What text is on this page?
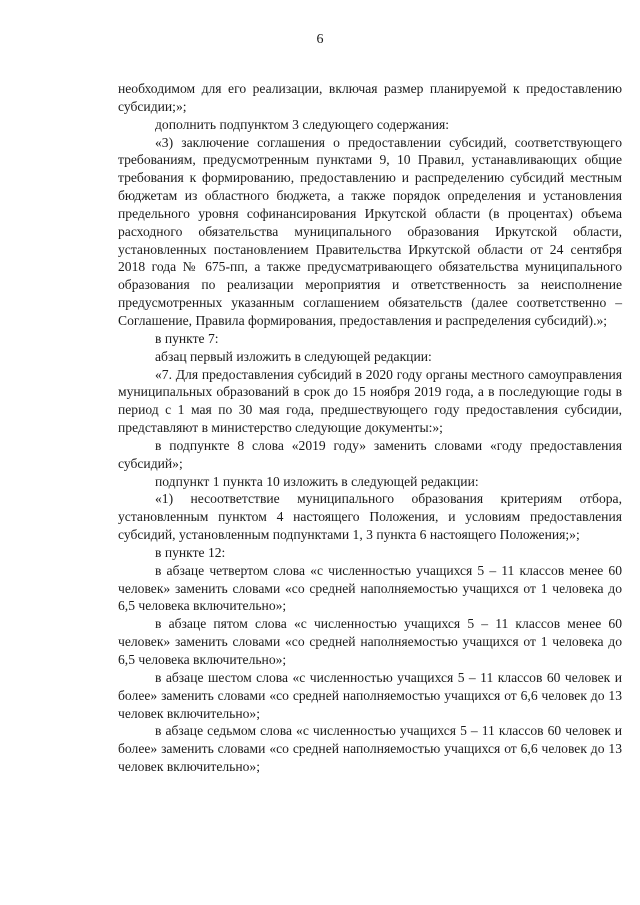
6

необходимом для его реализации, включая размер планируемой к предоставлению субсидии;»;

дополнить подпунктом 3 следующего содержания:

«3) заключение соглашения о предоставлении субсидий, соответствующего требованиям, предусмотренным пунктами 9, 10 Правил, устанавливающих общие требования к формированию, предоставлению и распределению субсидий местным бюджетам из областного бюджета, а также порядок определения и установления предельного уровня софинансирования Иркутской области (в процентах) объема расходного обязательства муниципального образования Иркутской области, установленных постановлением Правительства Иркутской области от 24 сентября 2018 года № 675-пп, а также предусматривающего обязательства муниципального образования по реализации мероприятия и ответственность за неисполнение предусмотренных указанным соглашением обязательств (далее соответственно – Соглашение, Правила формирования, предоставления и распределения субсидий).»;

в пункте 7:

абзац первый изложить в следующей редакции:

«7. Для предоставления субсидий в 2020 году органы местного самоуправления муниципальных образований в срок до 15 ноября 2019 года, а в последующие годы в период с 1 мая по 30 мая года, предшествующего году предоставления субсидии, представляют в министерство следующие документы:»;

в подпункте 8 слова «2019 году» заменить словами «году предоставления субсидий»;

подпункт 1 пункта 10 изложить в следующей редакции:

«1) несоответствие муниципального образования критериям отбора, установленным пунктом 4 настоящего Положения, и условиям предоставления субсидий, установленным подпунктами 1, 3 пункта 6 настоящего Положения;»;

в пункте 12:

в абзаце четвертом слова «с численностью учащихся 5 – 11 классов менее 60 человек» заменить словами «со средней наполняемостью учащихся от 1 человека до 6,5 человека включительно»;

в абзаце пятом слова «с численностью учащихся 5 – 11 классов менее 60 человек» заменить словами «со средней наполняемостью учащихся от 1 человека до 6,5 человека включительно»;

в абзаце шестом слова «с численностью учащихся 5 – 11 классов 60 человек и более» заменить словами «со средней наполняемостью учащихся от 6,6 человек до 13 человек включительно»;

в абзаце седьмом слова «с численностью учащихся 5 – 11 классов 60 человек и более» заменить словами «со средней наполняемостью учащихся от 6,6 человек до 13 человек включительно»;
